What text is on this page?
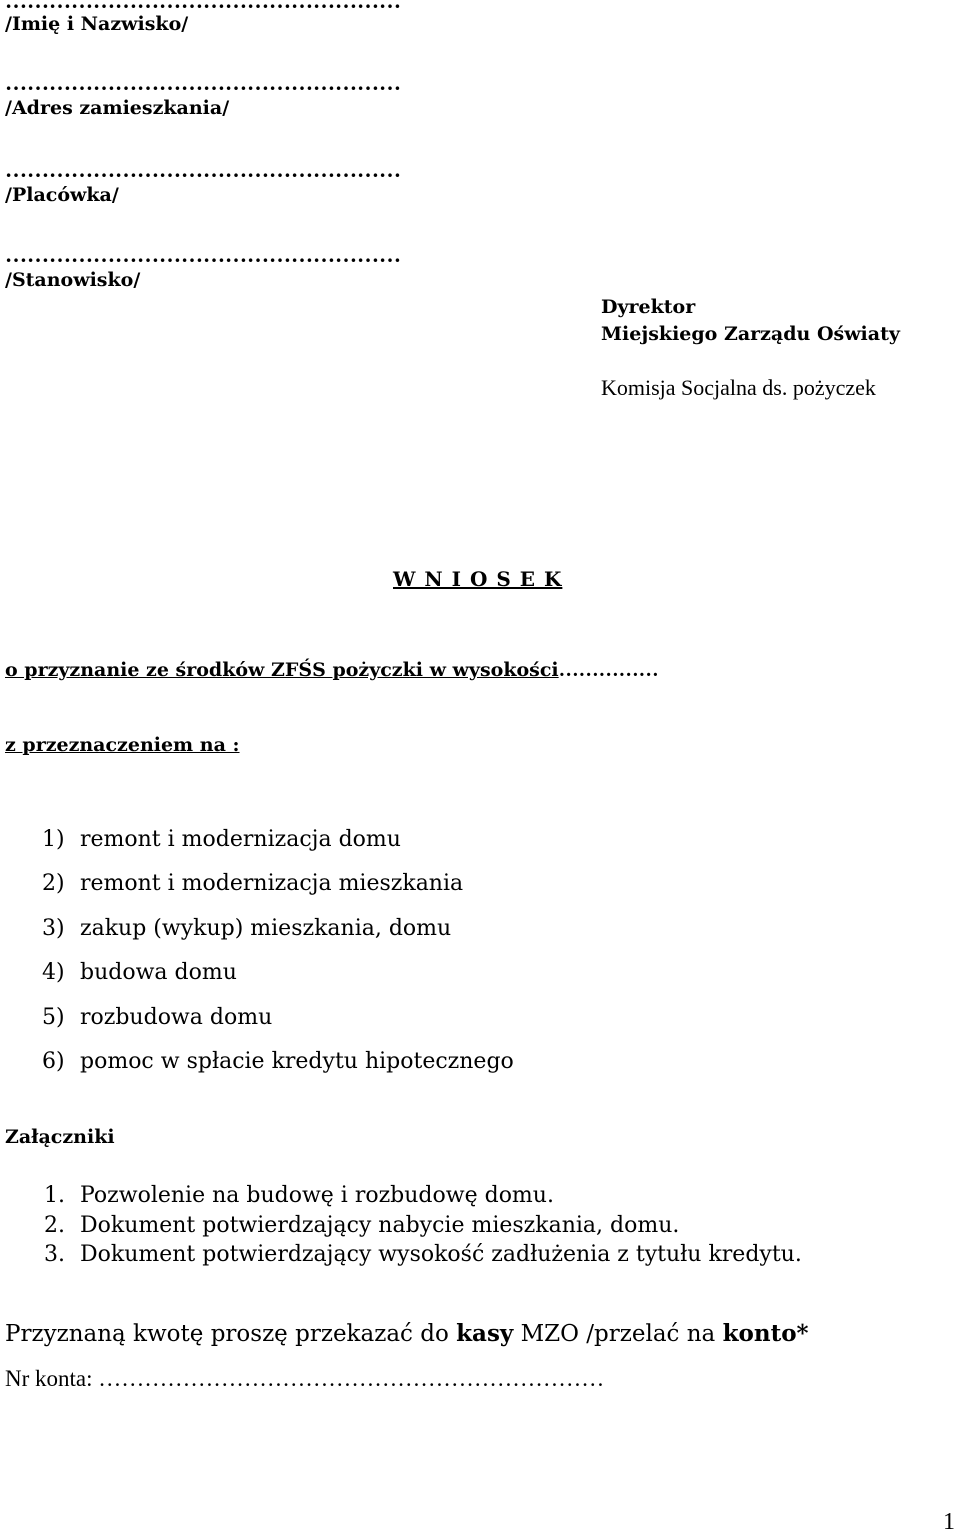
………………………………………………
/Imię i Nazwisko/
………………………………………………
/Adres zamieszkania/
………………………………………………
/Placówka/
………………………………………………
/Stanowisko/
Dyrektor
Miejskiego Zarządu Oświaty
Komisja Socjalna ds. pożyczek
W N I O S E K
o przyznanie ze środków ZFŚS pożyczki w wysokości……………
z przeznaczeniem na :
1) remont i modernizacja domu
2) remont i modernizacja mieszkania
3) zakup (wykup) mieszkania, domu
4) budowa domu
5) rozbudowa domu
6) pomoc w spłacie kredytu hipotecznego
Załączniki
1. Pozwolenie na budowę i rozbudowę domu.
2. Dokument potwierdzający nabycie mieszkania, domu.
3. Dokument potwierdzający wysokość zadłużenia z tytułu kredytu.
Przyznaną kwotę proszę przekazać do kasy MZO /przelać na konto*
Nr konta: …………………………………………………………
1
